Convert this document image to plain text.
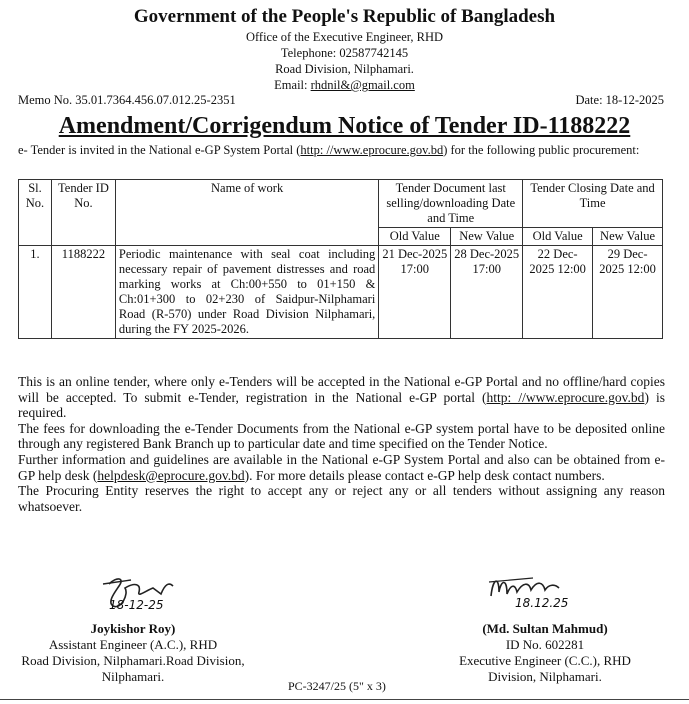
Government of the People's Republic of Bangladesh
Office of the Executive Engineer, RHD
Telephone: 02587742145
Road Division, Nilphamari.
Email: rhdnil&@gmail.com
Memo No. 35.01.7364.456.07.012.25-2351	Date: 18-12-2025
Amendment/Corrigendum Notice of Tender ID-1188222
e- Tender is invited in the National e-GP System Portal (http: //www.eprocure.gov.bd) for the following public procurement:
Sl. No.	Tender ID No.	Name of work	Tender Document last selling/downloading Date and Time		Tender Closing Date and Time	
			Old Value	New Value	Old Value	New Value
1.	1188222	Periodic maintenance with seal coat including necessary repair of pavement distresses and road marking works at Ch:00+550 to 01+150 & Ch:01+300 to 02+230 of Saidpur-Nilphamari Road (R-570) under Road Division Nilphamari, during the FY 2025-2026.	21 Dec-2025 17:00	28 Dec-2025 17:00	22 Dec-2025 12:00	29 Dec-2025 12:00

This is an online tender, where only e-Tenders will be accepted in the National e-GP Portal and no offline/hard copies will be accepted. To submit e-Tender, registration in the National e-GP portal (http: //www.eprocure.gov.bd) is required.

The fees for downloading the e-Tender Documents from the National e-GP system portal have to be deposited online through any registered Bank Branch up to particular date and time specified on the Tender Notice.

Further information and guidelines are available in the National e-GP System Portal and also can be obtained from e-GP help desk (helpdesk@eprocure.gov.bd). For more details please contact e-GP help desk contact numbers.

The Procuring Entity reserves the right to accept any or reject any or all tenders without assigning any reason whatsoever.

18-12-25
Joykishor Roy)
Assistant Engineer (A.C.), RHD
Road Division, Nilphamari.Road Division, Nilphamari.
18.12.25
(Md. Sultan Mahmud)
ID No. 602281
Executive Engineer (C.C.), RHD
Division, Nilphamari.
PC-3247/25 (5" x 3)
